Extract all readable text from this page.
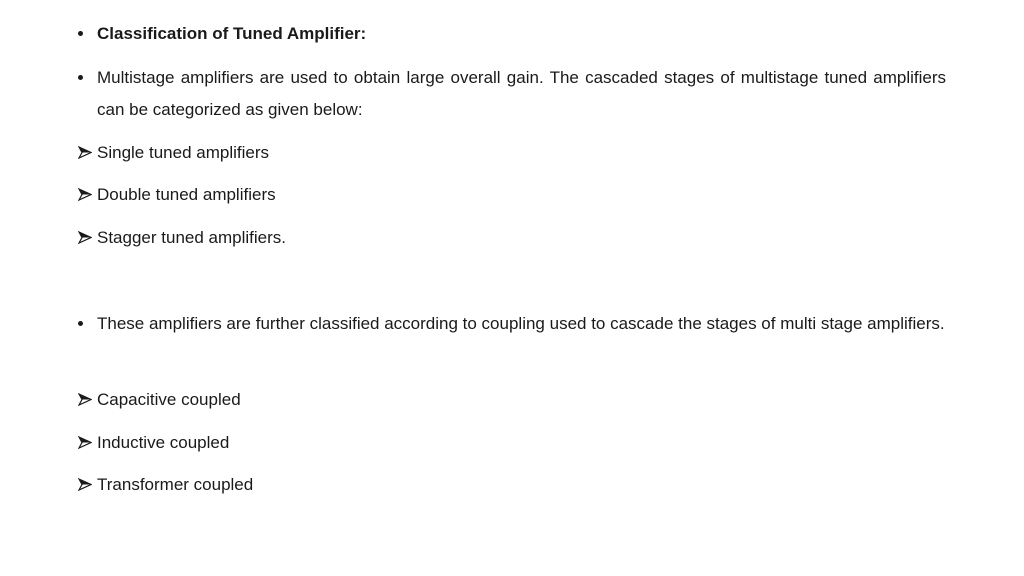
Classification of Tuned Amplifier:
Multistage amplifiers are used to obtain large overall gain. The cascaded stages of multistage tuned amplifiers can be categorized as given below:
Single tuned amplifiers
Double tuned amplifiers
Stagger tuned amplifiers.
These amplifiers are further classified according to coupling used to cascade the stages of multi stage amplifiers.
Capacitive coupled
Inductive coupled
Transformer coupled
